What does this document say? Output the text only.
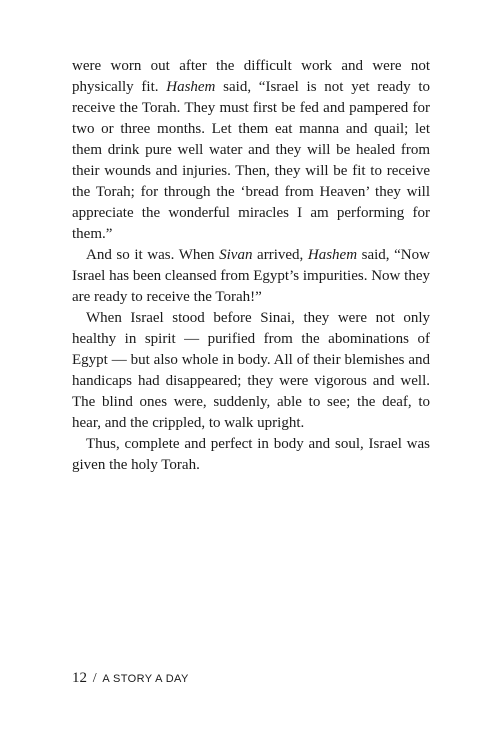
were worn out after the difficult work and were not physically fit. Hashem said, “Israel is not yet ready to receive the Torah. They must first be fed and pampered for two or three months. Let them eat manna and quail; let them drink pure well water and they will be healed from their wounds and injuries. Then, they will be fit to receive the Torah; for through the ‘bread from Heaven’ they will appreciate the wonderful miracles I am performing for them.”

And so it was. When Sivan arrived, Hashem said, “Now Israel has been cleansed from Egypt’s impurities. Now they are ready to receive the Torah!”

When Israel stood before Sinai, they were not only healthy in spirit — purified from the abominations of Egypt — but also whole in body. All of their blemishes and handicaps had disappeared; they were vigorous and well. The blind ones were, suddenly, able to see; the deaf, to hear, and the crippled, to walk upright.

Thus, complete and perfect in body and soul, Israel was given the holy Torah.

12 / A STORY A DAY
